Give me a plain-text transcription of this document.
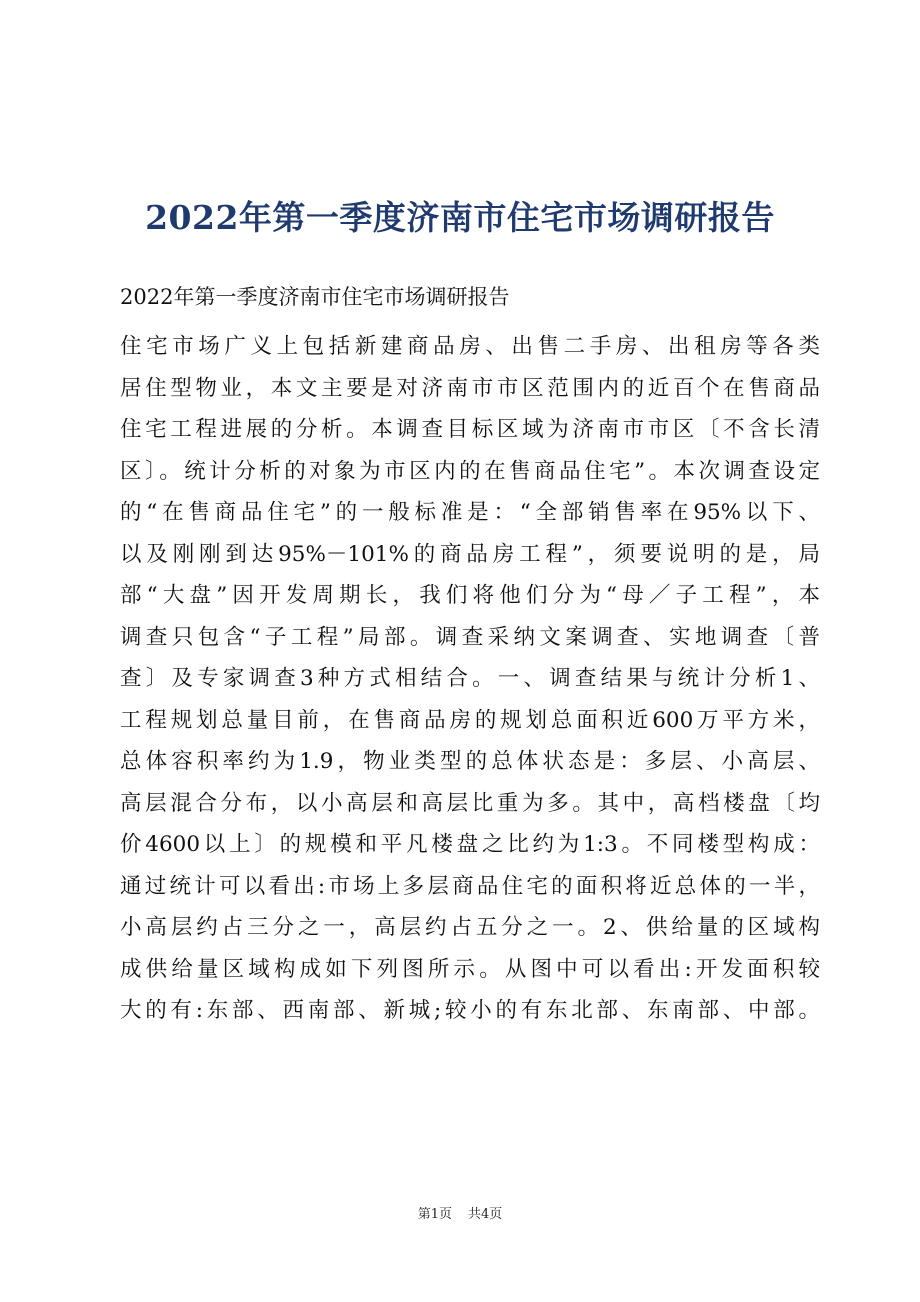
2022年第一季度济南市住宅市场调研报告

2022年第一季度济南市住宅市场调研报告

住宅市场广义上包括新建商品房、出售二手房、出租房等各类
居住型物业，本文主要是对济南市市区范围内的近百个在售商品
住宅工程进展的分析。本调查目标区域为济南市市区〔不含长清
区〕。统计分析的对象为市区内的在售商品住宅”。本次调查设定
的“在售商品住宅”的一般标准是：“全部销售率在95%以下、
以及刚刚到达95%－101%的商品房工程”，须要说明的是，局
部“大盘”因开发周期长，我们将他们分为“母／子工程”，本
调查只包含“子工程”局部。调查采纳文案调查、实地调查〔普
查〕及专家调查3种方式相结合。一、调查结果与统计分析1、
工程规划总量目前，在售商品房的规划总面积近600万平方米，
总体容积率约为1.9，物业类型的总体状态是：多层、小高层、
高层混合分布，以小高层和高层比重为多。其中，高档楼盘〔均
价4600以上〕的规模和平凡楼盘之比约为1:3。不同楼型构成：
通过统计可以看出:市场上多层商品住宅的面积将近总体的一半，
小高层约占三分之一，高层约占五分之一。2、供给量的区域构
成供给量区域构成如下列图所示。从图中可以看出:开发面积较
大的有:东部、西南部、新城;较小的有东北部、东南部、中部。
第1页 共4页
